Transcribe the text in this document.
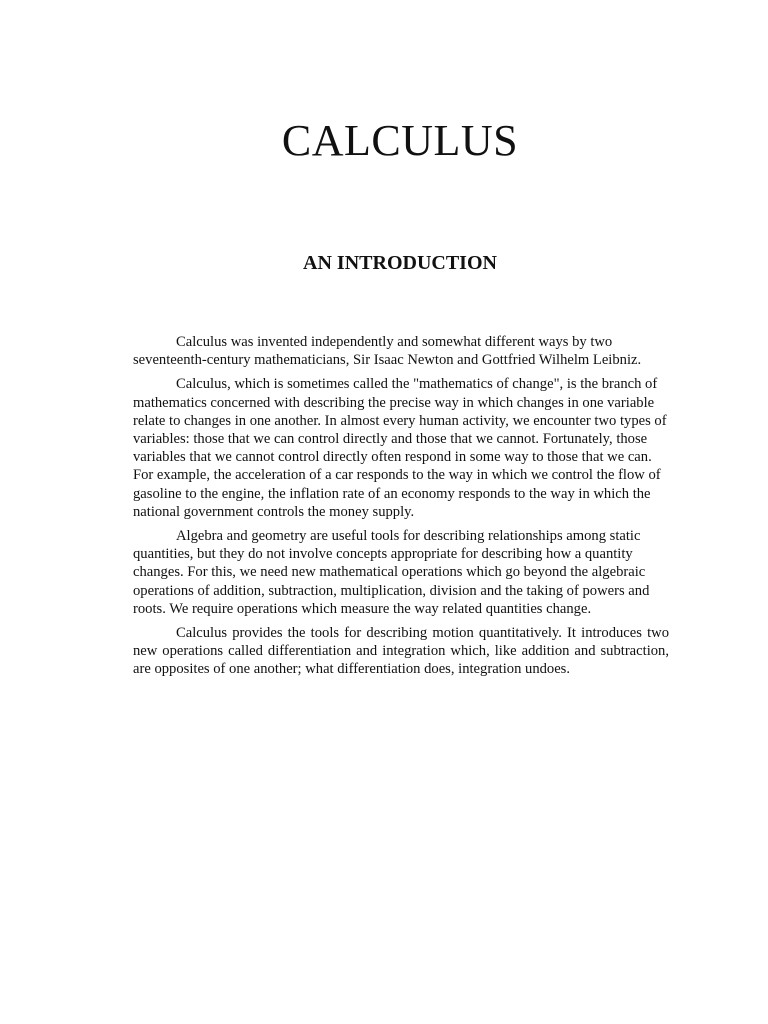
CALCULUS
AN INTRODUCTION

Calculus was invented independently and somewhat different ways by two seventeenth-century mathematicians, Sir Isaac Newton and Gottfried Wilhelm Leibniz.

Calculus, which is sometimes called the "mathematics of change", is the branch of mathematics concerned with describing the precise way in which changes in one variable relate to changes in one another. In almost every human activity, we encounter two types of variables: those that we can control directly and those that we cannot. Fortunately, those variables that we cannot control directly often respond in some way to those that we can. For example, the acceleration of a car responds to the way in which we control the flow of gasoline to the engine, the inflation rate of an economy responds to the way in which the national government controls the money supply.

Algebra and geometry are useful tools for describing relationships among static quantities, but they do not involve concepts appropriate for describing how a quantity changes. For this, we need new mathematical operations which go beyond the algebraic operations of addition, subtraction, multiplication, division and the taking of powers and roots. We require operations which measure the way related quantities change.

Calculus provides the tools for describing motion quantitatively. It introduces two new operations called differentiation and integration which, like addition and subtraction, are opposites of one another; what differentiation does, integration undoes.
